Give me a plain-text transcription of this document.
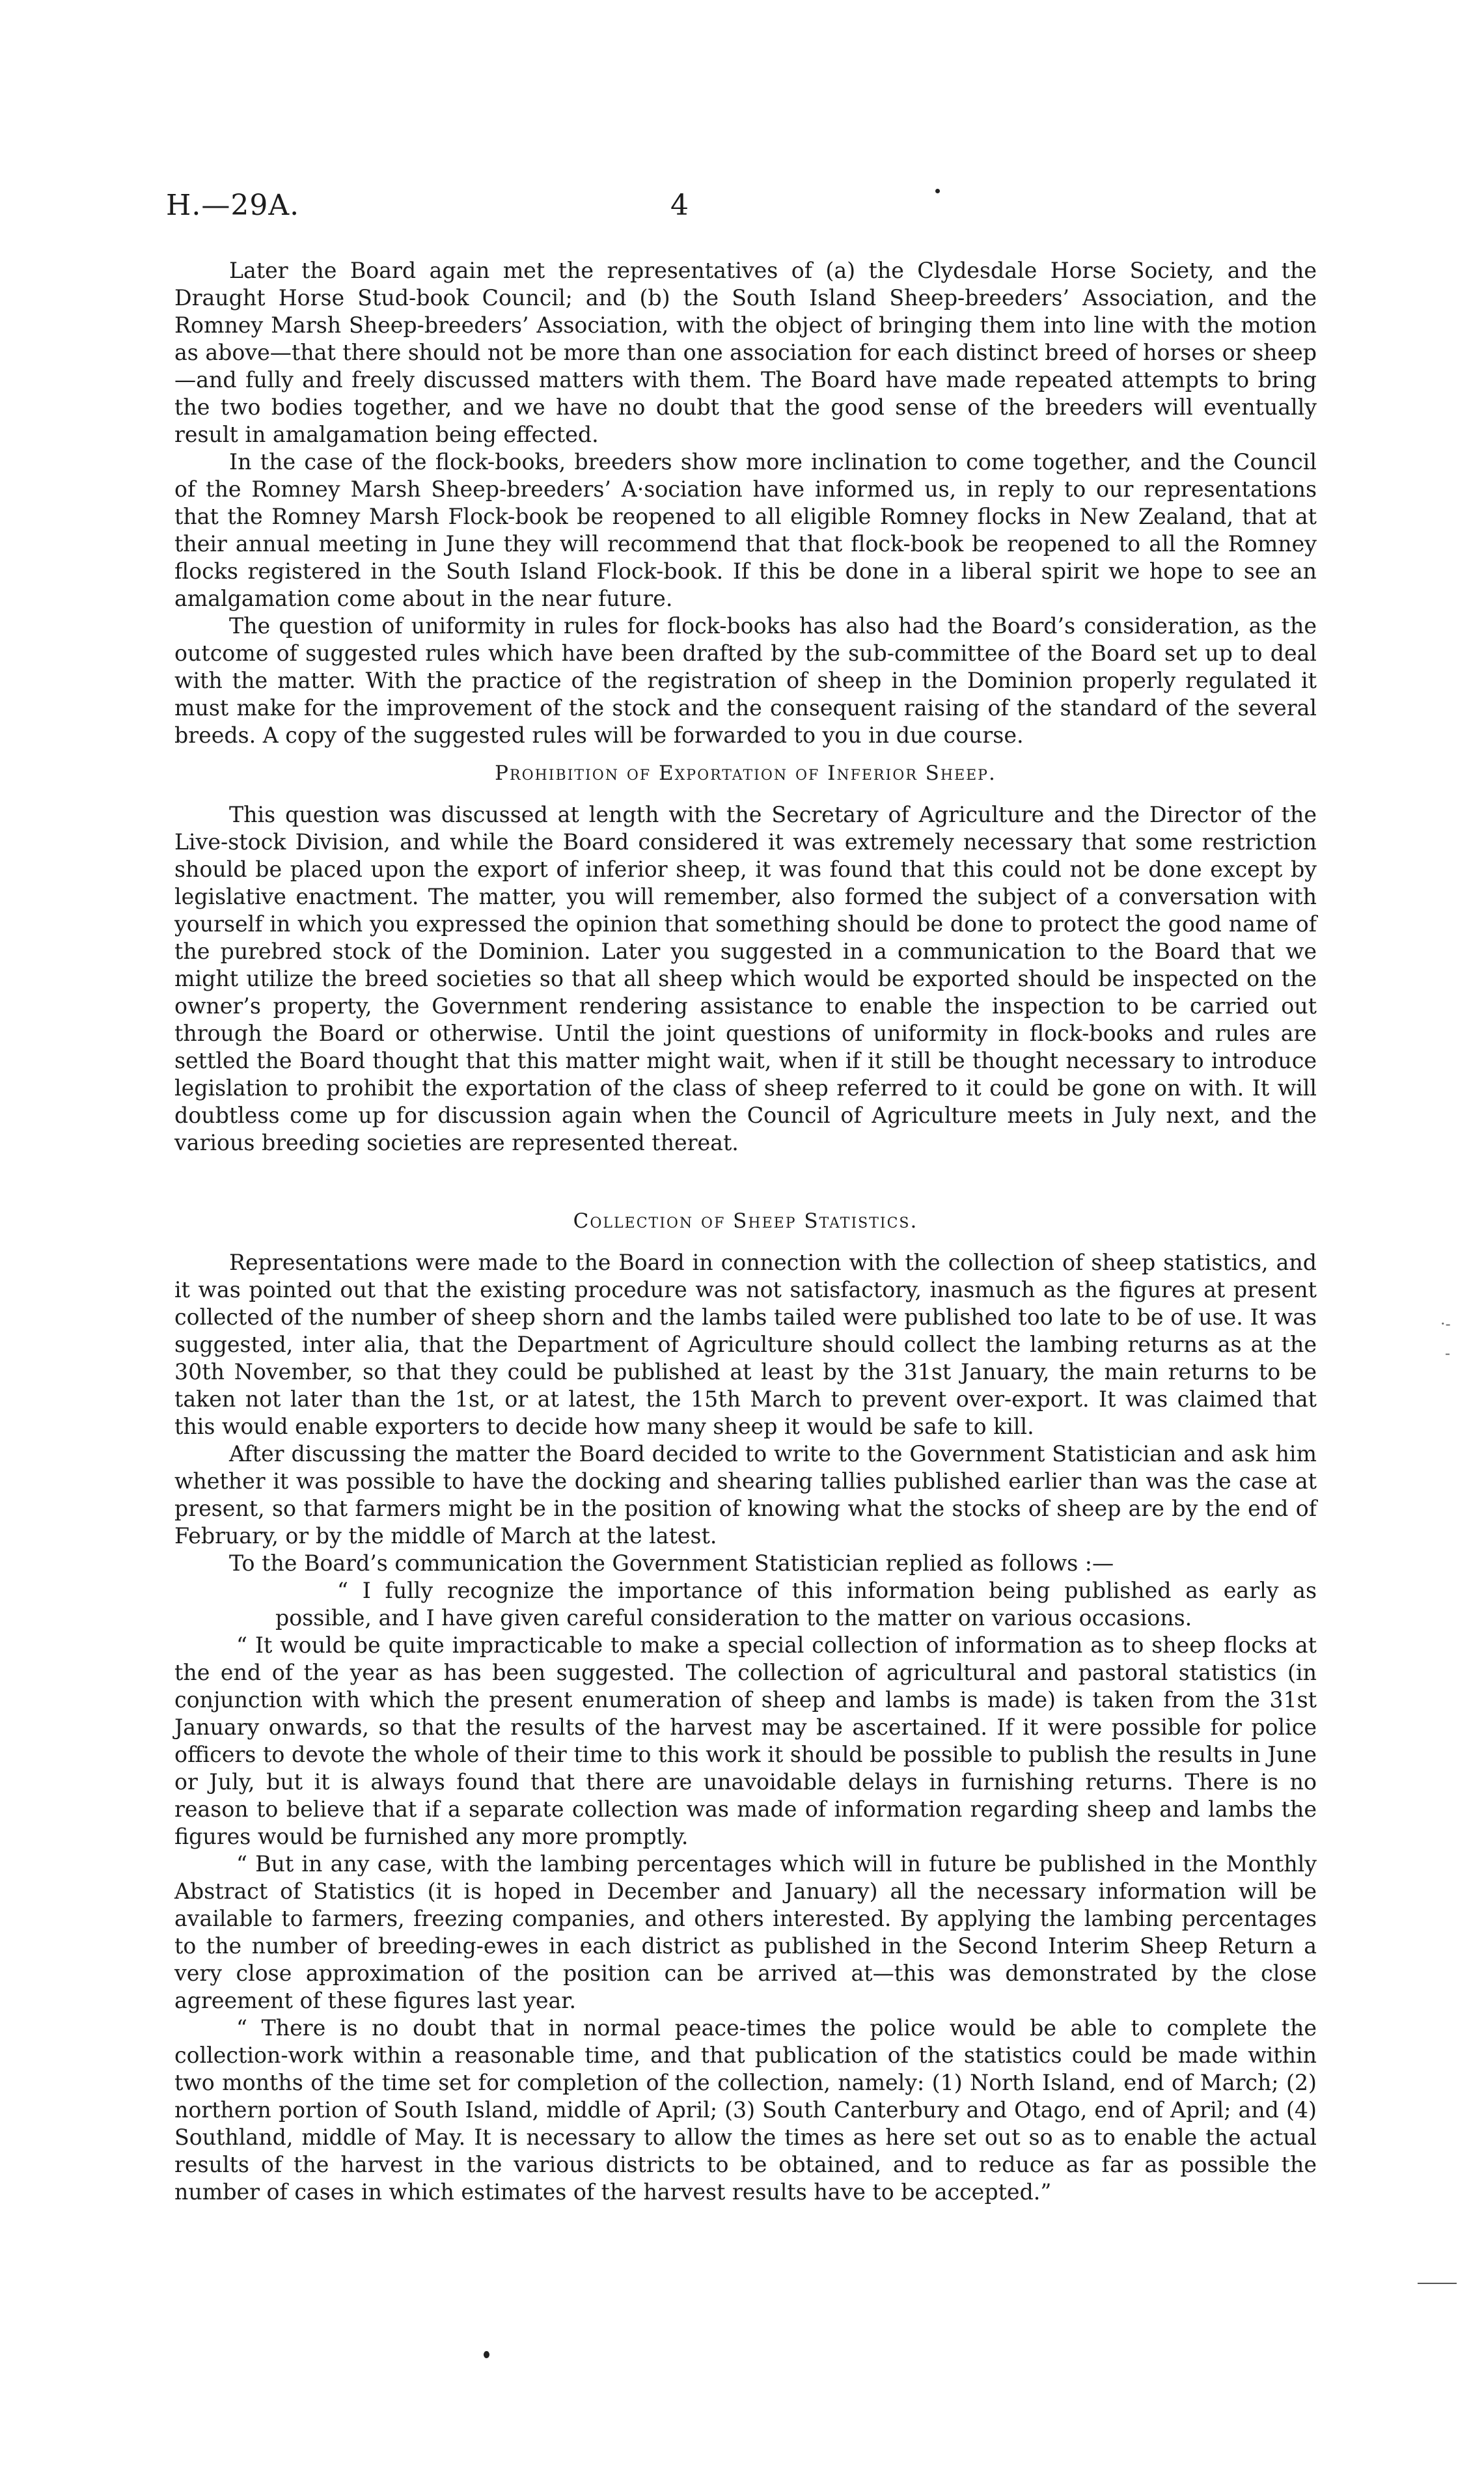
H.—29A.	4

Later the Board again met the representatives of (a) the Clydesdale Horse Society, and the Draught Horse Stud-book Council; and (b) the South Island Sheep-breeders’ Association, and the Romney Marsh Sheep-breeders’ Association, with the object of bringing them into line with the motion as above—that there should not be more than one association for each distinct breed of horses or sheep—and fully and freely discussed matters with them. The Board have made repeated attempts to bring the two bodies together, and we have no doubt that the good sense of the breeders will eventually result in amalgamation being effected.

In the case of the flock-books, breeders show more inclination to come together, and the Council of the Romney Marsh Sheep-breeders’ A·sociation have informed us, in reply to our representations that the Romney Marsh Flock-book be reopened to all eligible Romney flocks in New Zealand, that at their annual meeting in June they will recommend that that flock-book be reopened to all the Romney flocks registered in the South Island Flock-book. If this be done in a liberal spirit we hope to see an amalgamation come about in the near future.

The question of uniformity in rules for flock-books has also had the Board’s consideration, as the outcome of suggested rules which have been drafted by the sub-committee of the Board set up to deal with the matter. With the practice of the registration of sheep in the Dominion properly regulated it must make for the improvement of the stock and the consequent raising of the standard of the several breeds. A copy of the suggested rules will be forwarded to you in due course.

Prohibition of Exportation of Inferior Sheep.

This question was discussed at length with the Secretary of Agriculture and the Director of the Live-stock Division, and while the Board considered it was extremely necessary that some restriction should be placed upon the export of inferior sheep, it was found that this could not be done except by legislative enactment. The matter, you will remember, also formed the subject of a conversation with yourself in which you expressed the opinion that something should be done to protect the good name of the purebred stock of the Dominion. Later you suggested in a communication to the Board that we might utilize the breed societies so that all sheep which would be exported should be inspected on the owner’s property, the Government rendering assistance to enable the inspection to be carried out through the Board or otherwise. Until the joint questions of uniformity in flock-books and rules are settled the Board thought that this matter might wait, when if it still be thought necessary to introduce legislation to prohibit the exportation of the class of sheep referred to it could be gone on with. It will doubtless come up for discussion again when the Council of Agriculture meets in July next, and the various breeding societies are represented thereat.

Collection of Sheep Statistics.

Representations were made to the Board in connection with the collection of sheep statistics, and it was pointed out that the existing procedure was not satisfactory, inasmuch as the figures at present collected of the number of sheep shorn and the lambs tailed were published too late to be of use. It was suggested, inter alia, that the Department of Agriculture should collect the lambing returns as at the 30th November, so that they could be published at least by the 31st January, the main returns to be taken not later than the 1st, or at latest, the 15th March to prevent over-export. It was claimed that this would enable exporters to decide how many sheep it would be safe to kill.

After discussing the matter the Board decided to write to the Government Statistician and ask him whether it was possible to have the docking and shearing tallies published earlier than was the case at present, so that farmers might be in the position of knowing what the stocks of sheep are by the end of February, or by the middle of March at the latest.

To the Board’s communication the Government Statistician replied as follows :—

“ I fully recognize the importance of this information being published as early as possible, and I have given careful consideration to the matter on various occasions.

“ It would be quite impracticable to make a special collection of information as to sheep flocks at the end of the year as has been suggested. The collection of agricultural and pastoral statistics (in conjunction with which the present enumeration of sheep and lambs is made) is taken from the 31st January onwards, so that the results of the harvest may be ascertained. If it were possible for police officers to devote the whole of their time to this work it should be possible to publish the results in June or July, but it is always found that there are unavoidable delays in furnishing returns. There is no reason to believe that if a separate collection was made of information regarding sheep and lambs the figures would be furnished any more promptly.

“ But in any case, with the lambing percentages which will in future be published in the Monthly Abstract of Statistics (it is hoped in December and January) all the necessary information will be available to farmers, freezing companies, and others interested. By applying the lambing percentages to the number of breeding-ewes in each district as published in the Second Interim Sheep Return a very close approximation of the position can be arrived at—this was demonstrated by the close agreement of these figures last year.

“ There is no doubt that in normal peace-times the police would be able to complete the collection-work within a reasonable time, and that publication of the statistics could be made within two months of the time set for completion of the collection, namely: (1) North Island, end of March; (2) northern portion of South Island, middle of April; (3) South Canterbury and Otago, end of April; and (4) Southland, middle of May. It is necessary to allow the times as here set out so as to enable the actual results of the harvest in the various districts to be obtained, and to reduce as far as possible the number of cases in which estimates of the harvest results have to be accepted.”

·-
-
